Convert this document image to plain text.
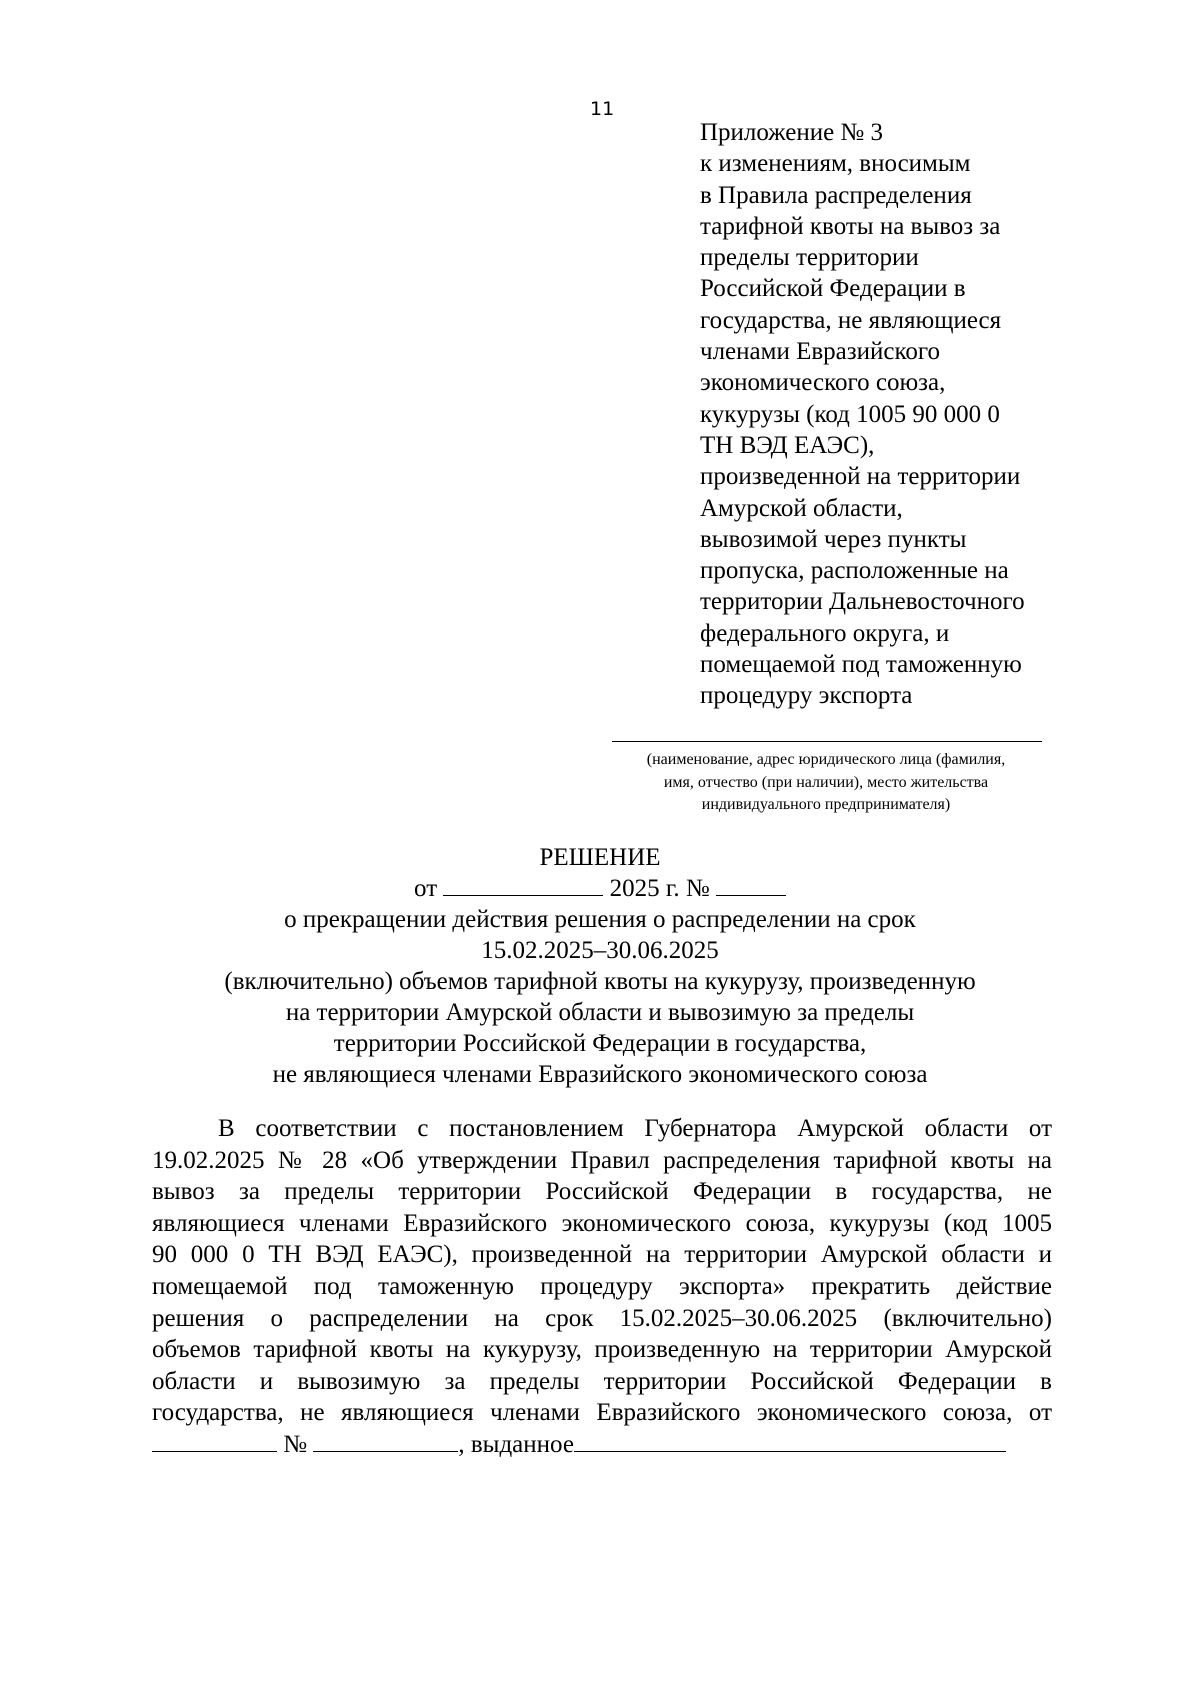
11
Приложение № 3
к изменениям, вносимым
в Правила распределения
тарифной квоты на вывоз за
пределы территории
Российской Федерации в
государства, не являющиеся
членами Евразийского
экономического союза,
кукурузы (код 1005 90 000 0
ТН ВЭД ЕАЭС),
произведенной на территории
Амурской области,
вывозимой через пункты
пропуска, расположенные на
территории Дальневосточного
федерального округа, и
помещаемой под таможенную
процедуру экспорта
(наименование, адрес юридического лица (фамилия,
имя, отчество (при наличии), место жительства
индивидуального предпринимателя)
РЕШЕНИЕ
от	2025 г. №
о прекращении действия решения о распределении на срок
15.02.2025–30.06.2025
(включительно) объемов тарифной квоты на кукурузу, произведенную
на территории Амурской области и вывозимую за пределы
территории Российской Федерации в государства,
не являющиеся членами Евразийского экономического союза
В соответствии с постановлением Губернатора Амурской области от
19.02.2025 № 28 «Об утверждении Правил распределения тарифной квоты на
вывоз за пределы территории Российской Федерации в государства, не
являющиеся членами Евразийского экономического союза, кукурузы (код 1005
90 000 0 ТН ВЭД ЕАЭС), произведенной на территории Амурской области и
помещаемой под таможенную процедуру экспорта» прекратить действие
решения о распределении на срок 15.02.2025–30.06.2025 (включительно)
объемов тарифной квоты на кукурузу, произведенную на территории Амурской
области и вывозимую за пределы территории Российской Федерации в
государства, не являющиеся членами Евразийского экономического союза, от
№	, выданное
